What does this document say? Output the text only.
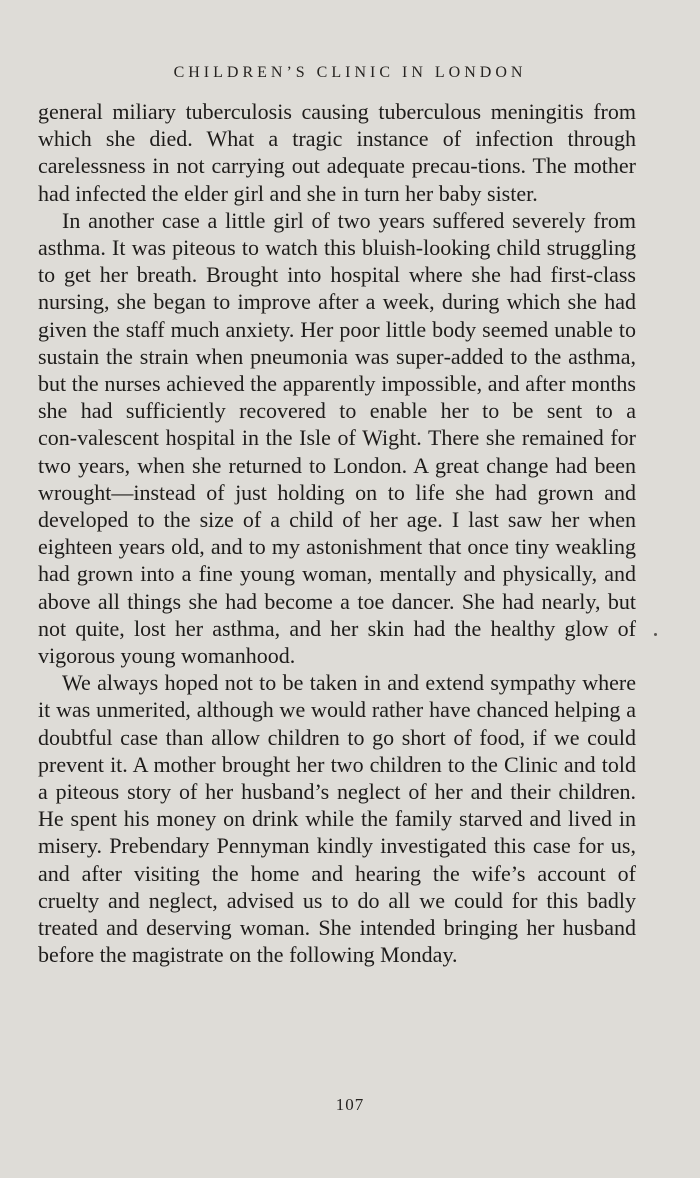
CHILDREN’S CLINIC IN LONDON

general miliary tuberculosis causing tuberculous meningitis from which she died. What a tragic instance of infection through carelessness in not carrying out adequate precau‑tions. The mother had infected the elder girl and she in turn her baby sister.

In another case a little girl of two years suffered severely from asthma. It was piteous to watch this bluish‑looking child struggling to get her breath. Brought into hospital where she had first‑class nursing, she began to improve after a week, during which she had given the staff much anxiety. Her poor little body seemed unable to sustain the strain when pneumonia was super‑added to the asthma, but the nurses achieved the apparently impossible, and after months she had sufficiently recovered to enable her to be sent to a con‑valescent hospital in the Isle of Wight. There she remained for two years, when she returned to London. A great change had been wrought—instead of just holding on to life she had grown and developed to the size of a child of her age. I last saw her when eighteen years old, and to my astonishment that once tiny weakling had grown into a fine young woman, mentally and physically, and above all things she had become a toe dancer. She had nearly, but not quite, lost her asthma, and her skin had the healthy glow of vigorous young womanhood.

We always hoped not to be taken in and extend sympathy where it was unmerited, although we would rather have chanced helping a doubtful case than allow children to go short of food, if we could prevent it. A mother brought her two children to the Clinic and told a piteous story of her husband’s neglect of her and their children. He spent his money on drink while the family starved and lived in misery. Prebendary Pennyman kindly investigated this case for us, and after visiting the home and hearing the wife’s account of cruelty and neglect, advised us to do all we could for this badly treated and deserving woman. She intended bringing her husband before the magistrate on the following Monday.

107
